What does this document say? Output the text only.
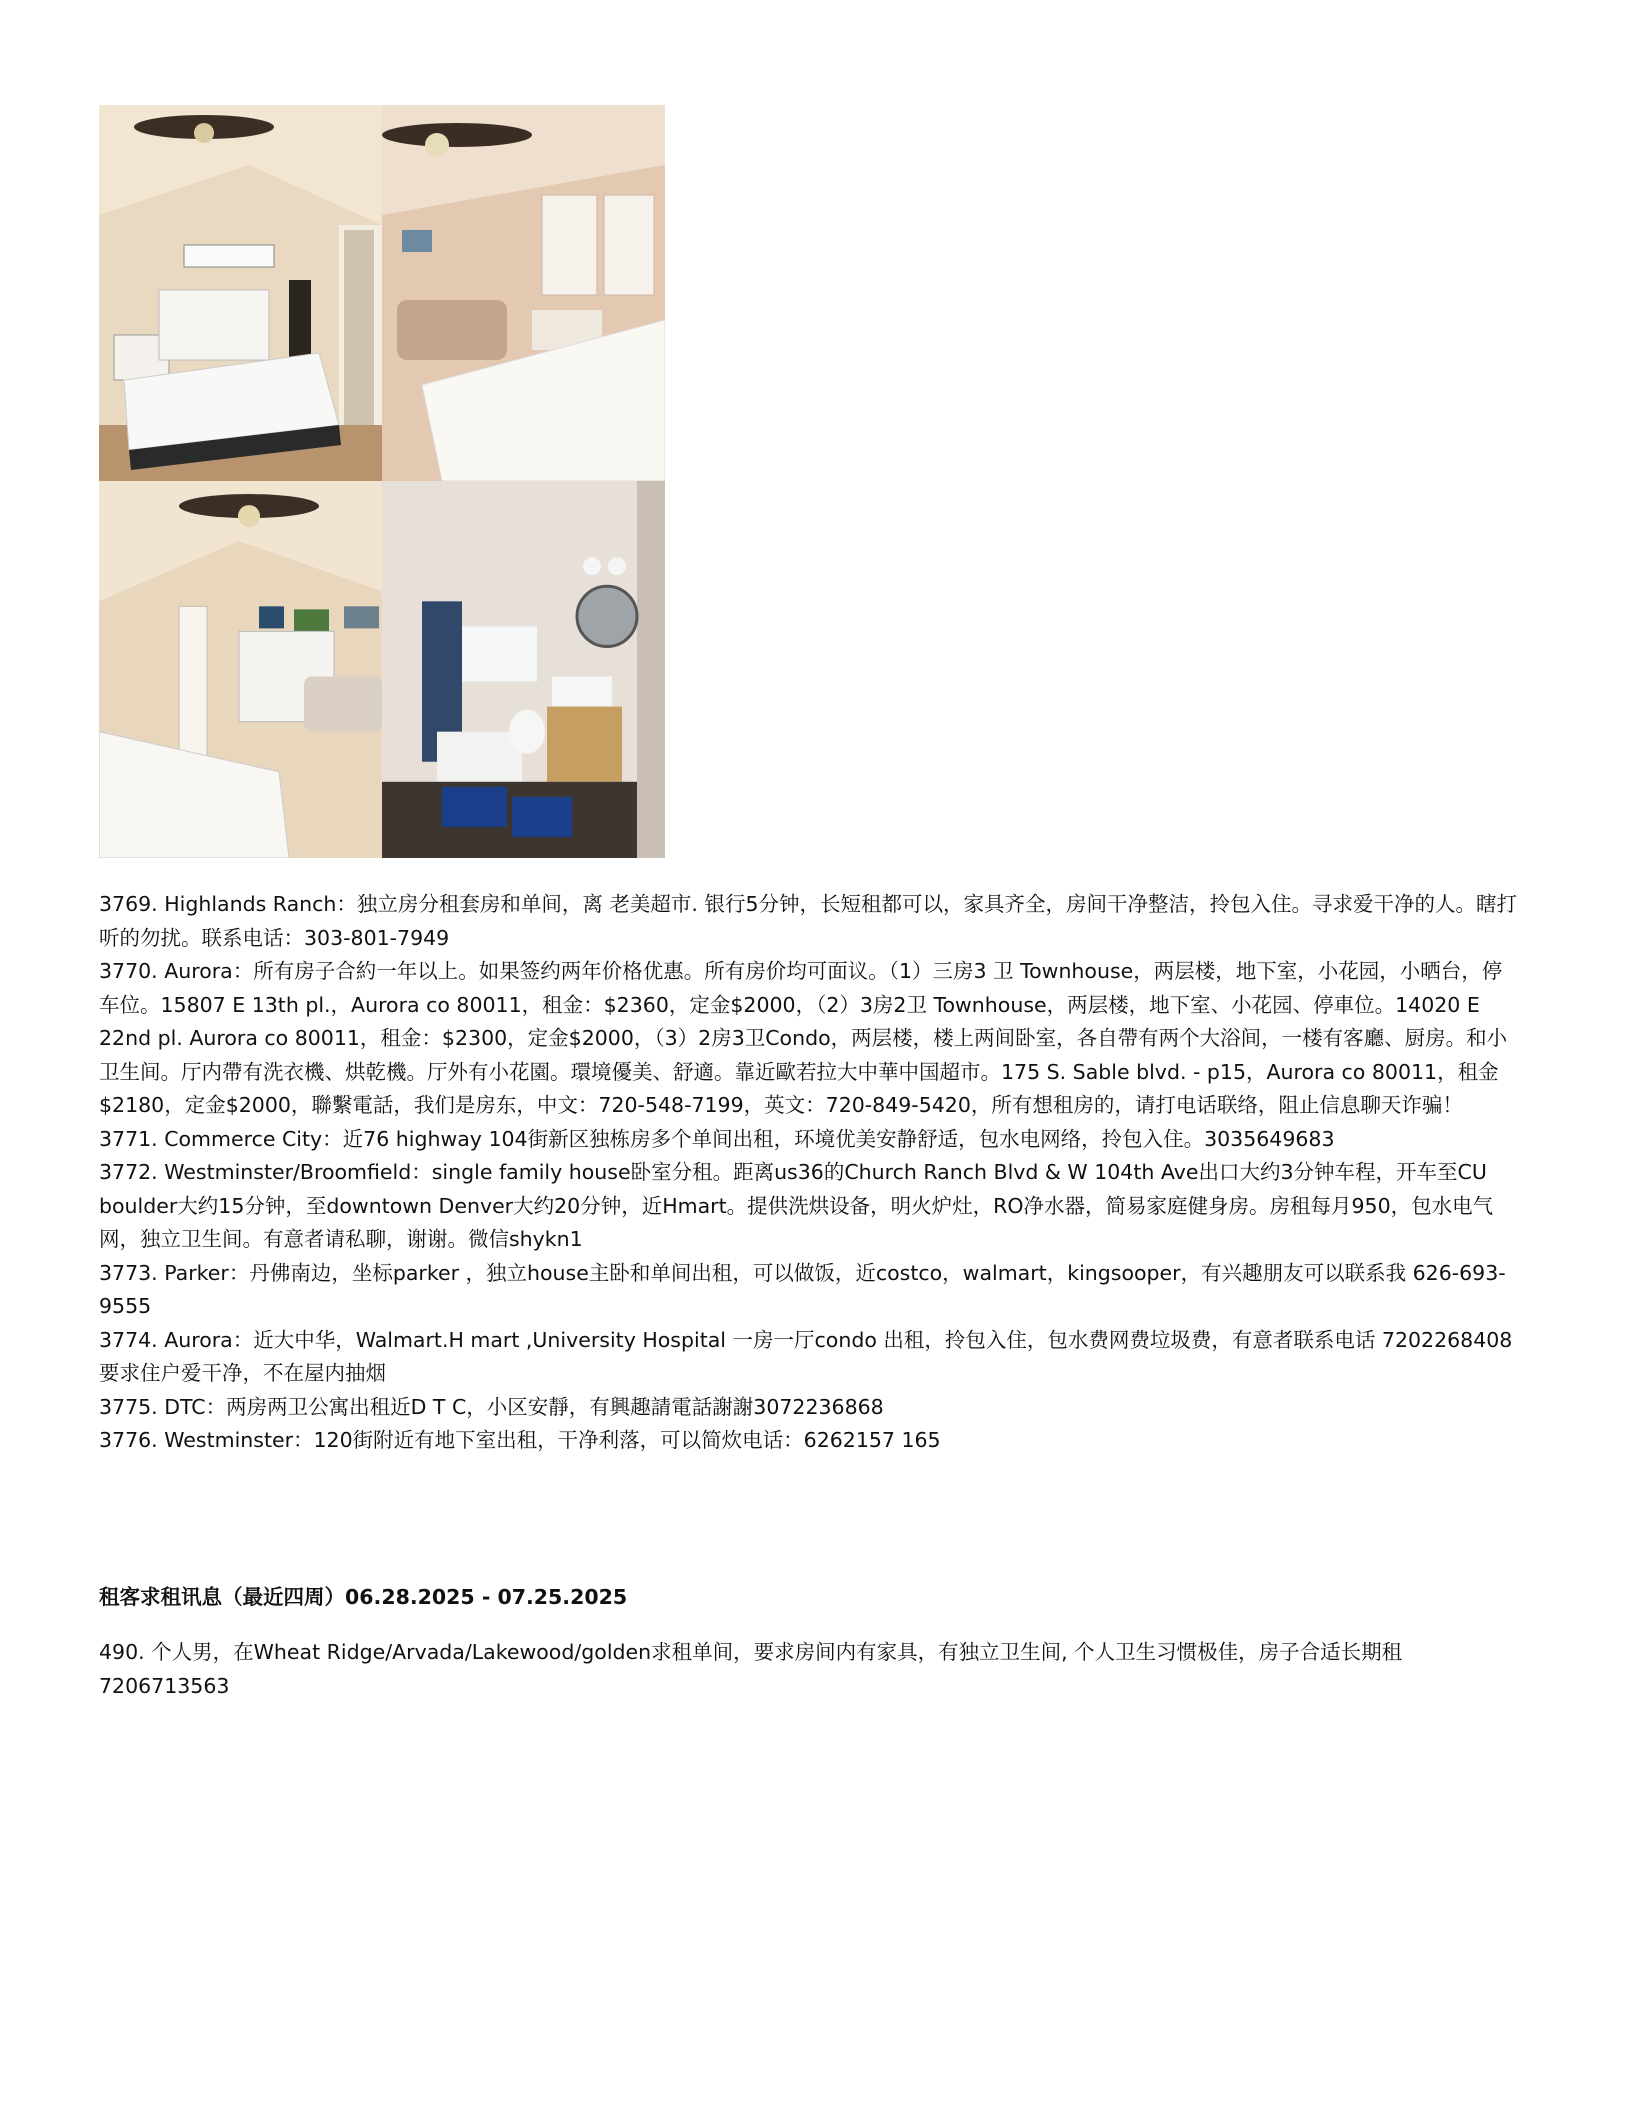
3769. Highlands Ranch：独立房分租套房和单间，离 老美超市. 银行5分钟，长短租都可以，家具齐全，房间干净整洁，拎包入住。寻求爱干净的人。瞎打听的勿扰。联系电话：303-801-7949

3770. Aurora：所有房子合約一年以上。如果签约两年价格优惠。所有房价均可面议。（1）三房3 卫 Townhouse，两层楼，地下室，小花园，小晒台，停车位。15807 E 13th pl.，Aurora co 80011，租金：$2360，定金$2000，（2）3房2卫 Townhouse，两层楼，地下室、小花园、停車位。14020 E 22nd pl. Aurora co 80011，租金：$2300，定金$2000，（3）2房3卫Condo，两层楼，楼上两间卧室，各自帶有两个大浴间，一楼有客廳、厨房。和小卫生间。厅内帶有洗衣機、烘乾機。厅外有小花園。環境優美、舒適。靠近歐若拉大中華中国超市。175 S. Sable blvd. - p15，Aurora co 80011，租金$2180，定金$2000，聯繫電話，我们是房东，中文：720-548-7199，英文：720-849-5420，所有想租房的，请打电话联络，阻止信息聊天诈骗！

3771. Commerce City：近76 highway 104街新区独栋房多个单间出租，环境优美安静舒适，包水电网络，拎包入住。3035649683

3772. Westminster/Broomfield：single family house卧室分租。距离us36的Church Ranch Blvd & W 104th Ave出口大约3分钟车程，开车至CU boulder大约15分钟，至downtown Denver大约20分钟，近Hmart。提供洗烘设备，明火炉灶，RO净水器，简易家庭健身房。房租每月950，包水电气网，独立卫生间。有意者请私聊，谢谢。微信shykn1

3773. Parker：丹佛南边，坐标parker ，独立house主卧和单间出租，可以做饭，近costco，walmart，kingsooper，有兴趣朋友可以联系我 626-693-9555

3774. Aurora：近大中华，Walmart.H mart ,University Hospital 一房一厅condo 出租，拎包入住，包水费网费垃圾费，有意者联系电话 7202268408要求住户爱干净，不在屋内抽烟

3775. DTC：两房两卫公寓出租近D T C，小区安靜，有興趣請電話謝謝3072236868

3776. Westminster：120街附近有地下室出租，干净利落，可以简炊电话：6262157 165

租客求租讯息（最近四周）06.28.2025 - 07.25.2025

490. 个人男，在Wheat Ridge/Arvada/Lakewood/golden求租单间，要求房间内有家具，有独立卫生间, 个人卫生习惯极佳，房子合适长期租 7206713563
